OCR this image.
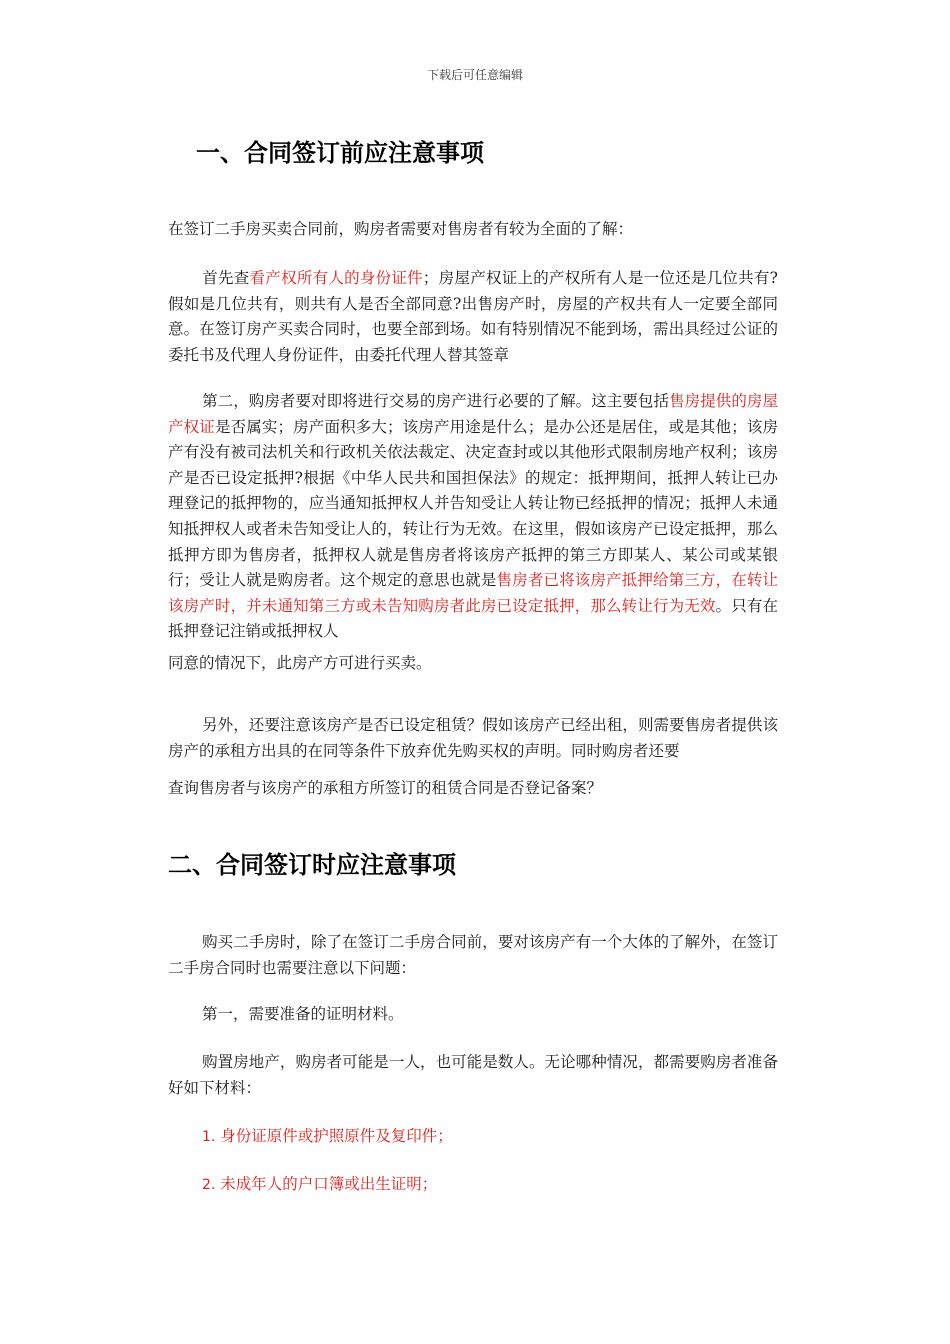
下载后可任意编辑
一、合同签订前应注意事项
在签订二手房买卖合同前，购房者需要对售房者有较为全面的了解：
首先查看产权所有人的身份证件；房屋产权证上的产权所有人是一位还是几位共有?假如是几位共有，则共有人是否全部同意?出售房产时，房屋的产权共有人一定要全部同意。在签订房产买卖合同时，也要全部到场。如有特别情况不能到场，需出具经过公证的委托书及代理人身份证件，由委托代理人替其签章
第二，购房者要对即将进行交易的房产进行必要的了解。这主要包括售房提供的房屋产权证是否属实；房产面积多大；该房产用途是什么；是办公还是居住，或是其他；该房产有没有被司法机关和行政机关依法裁定、决定查封或以其他形式限制房地产权利；该房产是否已设定抵押?根据《中华人民共和国担保法》的规定：抵押期间，抵押人转让已办理登记的抵押物的，应当通知抵押权人并告知受让人转让物已经抵押的情况；抵押人未通知抵押权人或者未告知受让人的，转让行为无效。在这里，假如该房产已设定抵押，那么抵押方即为售房者，抵押权人就是售房者将该房产抵押的第三方即某人、某公司或某银行；受让人就是购房者。这个规定的意思也就是售房者已将该房产抵押给第三方，在转让该房产时，并未通知第三方或未告知购房者此房已设定抵押，那么转让行为无效。只有在抵押登记注销或抵押权人
同意的情况下，此房产方可进行买卖。
另外，还要注意该房产是否已设定租赁？假如该房产已经出租，则需要售房者提供该房产的承租方出具的在同等条件下放弃优先购买权的声明。同时购房者还要
查询售房者与该房产的承租方所签订的租赁合同是否登记备案？
二、合同签订时应注意事项
购买二手房时，除了在签订二手房合同前，要对该房产有一个大体的了解外，在签订二手房合同时也需要注意以下问题：
第一，需要准备的证明材料。
购置房地产，购房者可能是一人，也可能是数人。无论哪种情况，都需要购房者准备好如下材料：
1. 身份证原件或护照原件及复印件；
2. 未成年人的户口簿或出生证明；
